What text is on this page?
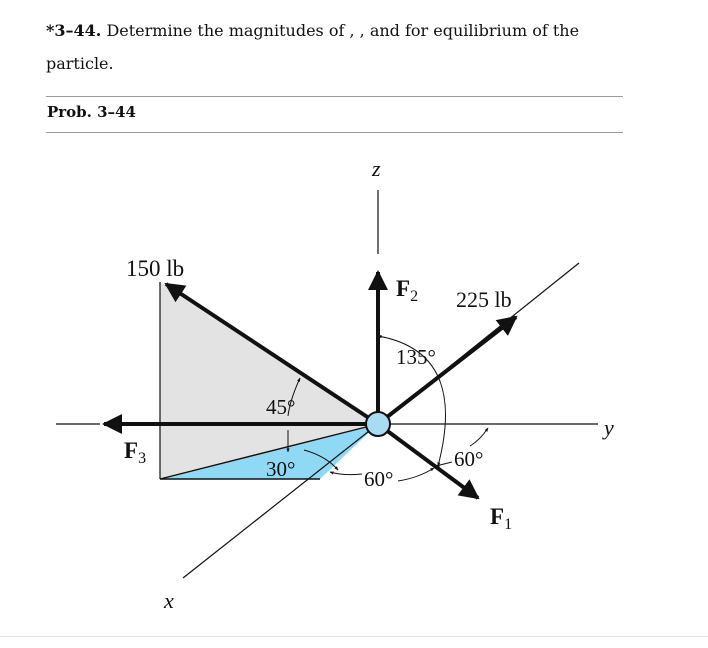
*3–44. Determine the magnitudes of , , and for equilibrium of the particle.
Prob. 3–44
z
y
x
150 lb
225 lb
$F_2$
$F_3$
$F_1$
135°
45°
30°	60°
60°
